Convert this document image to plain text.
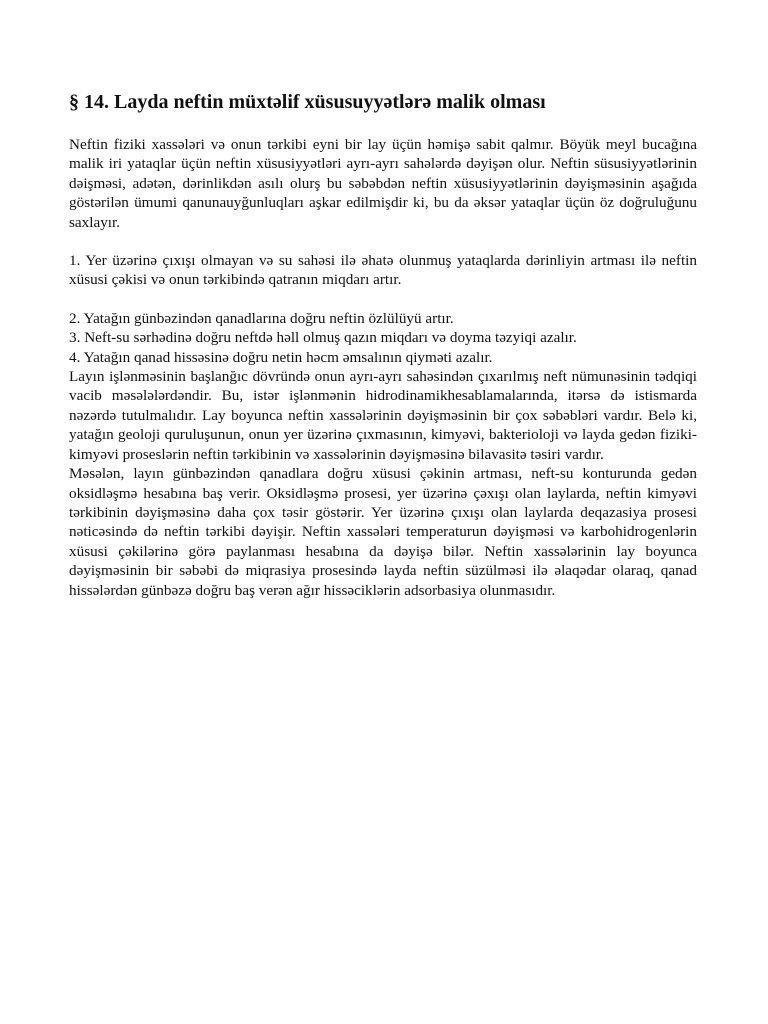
§ 14. Layda neftin müxtəlif xüsusuyyətlərə malik olması

Neftin fiziki xassələri və onun tərkibi eyni bir lay üçün həmişə sabit qalmır. Böyük meyl bucağına malik iri yataqlar üçün neftin xüsusiyyətləri ayrı-ayrı sahələrdə dəyişən olur. Neftin süsusiyyətlərinin dəişməsi, adətən, dərinlikdən asılı olurş bu səbəbdən neftin xüsusiyyətlərinin dəyişməsinin aşağıda göstərilən ümumi qanunauyğunluqları aşkar edilmişdir ki, bu da əksər yataqlar üçün öz doğruluğunu saxlayır.

1. Yer üzərinə çıxışı olmayan və su sahəsi ilə əhatə olunmuş yataqlarda dərinliyin artması ilə neftin xüsusi çəkisi və onun tərkibində qatranın miqdarı artır.

2. Yatağın günbəzindən qanadlarına doğru neftin özlülüyü artır.

3. Neft-su sərhədinə doğru neftdə həll olmuş qazın miqdarı və doyma təzyiqi azalır.

4. Yatağın qanad hissəsinə doğru netin həcm əmsalının qiyməti azalır.

Layın işlənməsinin başlanğıc dövründə onun ayrı-ayrı sahəsindən çıxarılmış neft nümunəsinin tədqiqi vacib məsələlərdəndir. Bu, istər işlənmənin hidrodinamikhesablamalarında, itərsə də istismarda nəzərdə tutulmalıdır. Lay boyunca neftin xassələrinin dəyişməsinin bir çox səbəbləri vardır. Belə ki, yatağın geoloji quruluşunun, onun yer üzərinə çıxmasının, kimyəvi, bakterioloji və layda gedən fiziki-kimyəvi proseslərin neftin tərkibinin və xassələrinin dəyişməsinə bilavasitə təsiri vardır.

Məsələn, layın günbəzindən qanadlara doğru xüsusi çəkinin artması, neft-su konturunda gedən oksidləşmə hesabına baş verir. Oksidləşmə prosesi, yer üzərinə çəxışı olan laylarda, neftin kimyəvi tərkibinin dəyişməsinə daha çox təsir göstərir. Yer üzərinə çıxışı olan laylarda deqazasiya prosesi nəticəsində də neftin tərkibi dəyişir. Neftin xassələri temperaturun dəyişməsi və karbohidrogenlərin xüsusi çəkilərinə görə paylanması hesabına da dəyişə bilər. Neftin xassələrinin lay boyunca dəyişməsinin bir səbəbi də miqrasiya prosesində layda neftin süzülməsi ilə əlaqədar olaraq, qanad hissələrdən günbəzə doğru baş verən ağır hissəciklərin adsorbasiya olunmasıdır.
